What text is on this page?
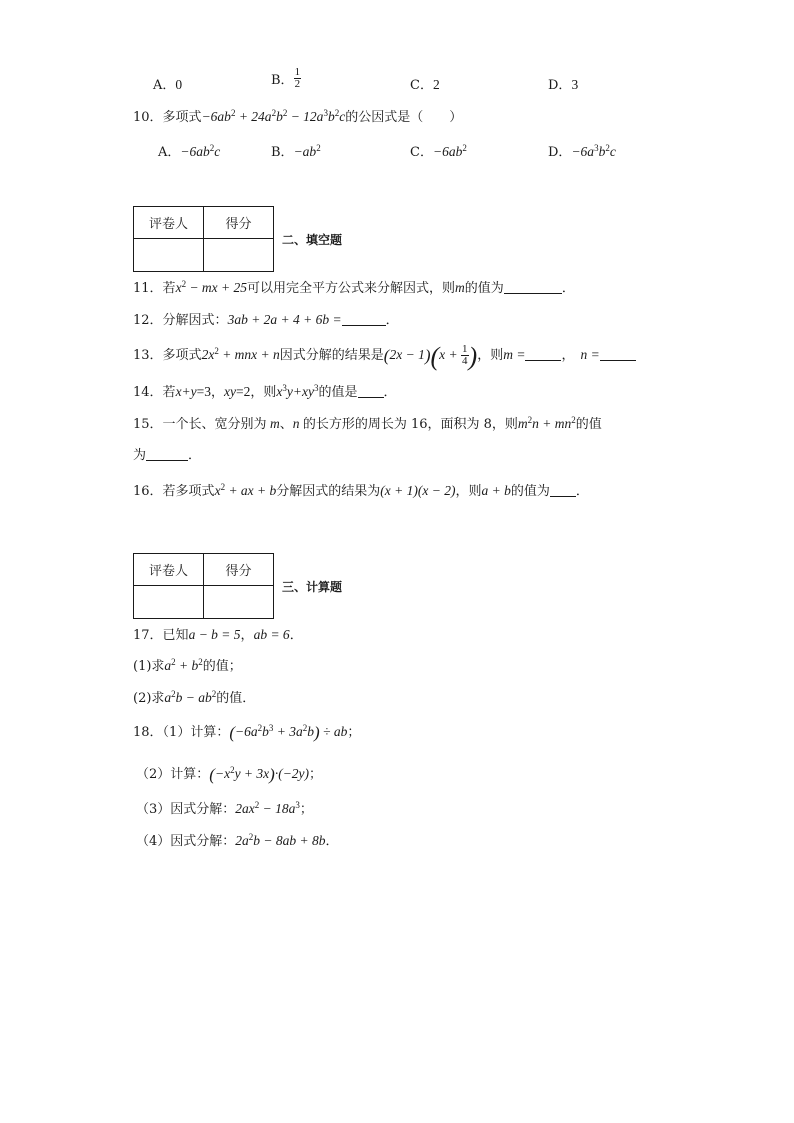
A．0	B． $\frac{1}{2}$	C．2	D．3
10．多项式$-6ab^2 + 24a^2b^2 - 12a^3b^2c$的公因式是（　　）
A．$-6ab^2c$	B．$-ab^2$	C．$-6ab^2$	D．$-6a^3b^2c$
评卷人	得分

二、填空题
11．若$x^2$ − mx + 25可以用完全平方公式来分解因式，则m的值为	．
12．分解因式：3ab + 2a + 4 + 6b =	．
13．多项式$2x^2$ + mnx + n因式分解的结果是$(2x - 1)(x + \frac{1}{4}$ )，则m =	， n =
14．若x+y=3，xy=2，则$x^3y+xy^3$的值是 ．
15．一个长、宽分别为 m、n 的长方形的周长为 16，面积为 8，则$m^2n + mn^2$的值
为	．
16．若多项式$x^2$ + ax + b分解因式的结果为(x + 1)(x − 2)，则a + b的值为 ．
评卷人	得分

三、计算题
17．已知a − b = 5，ab = 6．
(1)求$a^2 + b^2$的值；
(2)求$a^2b - ab^2$的值．
18．（1）计算：$(-6a^2b^3 + 3a^2b)$ ÷ ab；
（2）计算：$(-x^2y + 3x)\cdot(-2y)$；
（3）因式分解：$2ax^2 - 18a^3$；
（4）因式分解：$2a^2b - 8ab + 8b$．
